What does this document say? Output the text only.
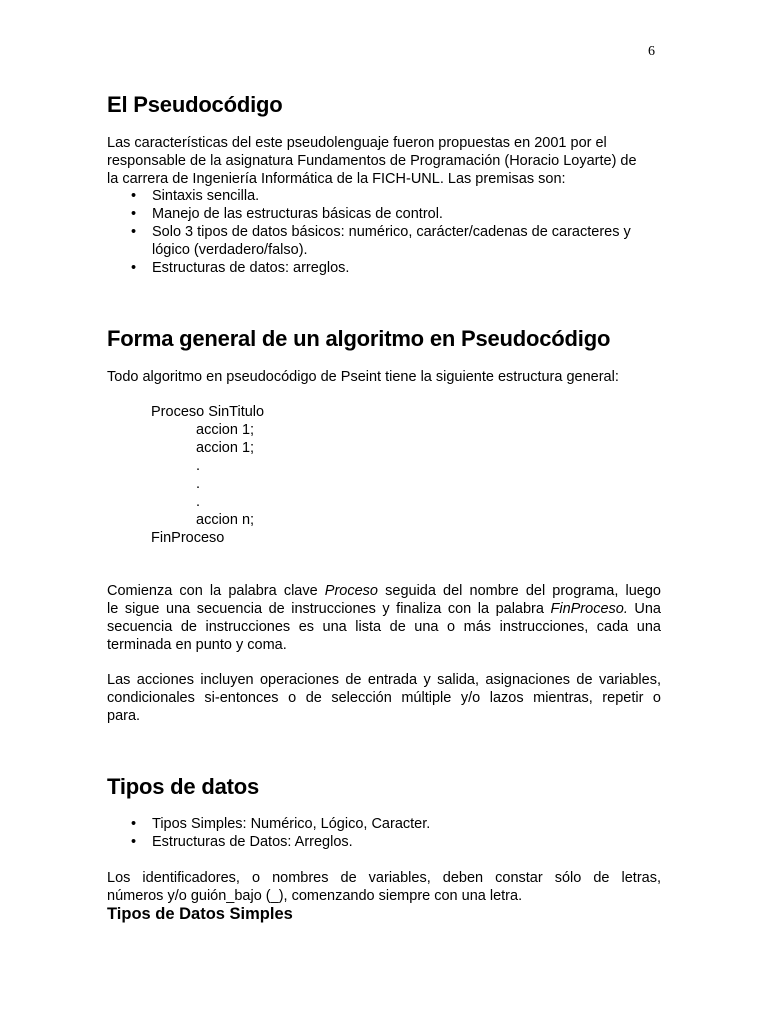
6
El Pseudocódigo
Las características del este pseudolenguaje fueron propuestas en 2001 por el
responsable de la asignatura Fundamentos de Programación (Horacio Loyarte) de
la carrera de Ingeniería Informática de la FICH-UNL. Las premisas son:
• Sintaxis sencilla.
• Manejo de las estructuras básicas de control.
• Solo 3 tipos de datos básicos: numérico, carácter/cadenas de caracteres y lógico (verdadero/falso).
• Estructuras de datos: arreglos.
Forma general de un algoritmo en Pseudocódigo

Todo algoritmo en pseudocódigo de Pseint tiene la siguiente estructura general:

Proceso SinTitulo
accion 1;
accion 1;
.
.
.
accion n;
FinProceso
Comienza con la palabra clave Proceso seguida del nombre del programa, luego
le sigue una secuencia de instrucciones y finaliza con la palabra FinProceso. Una
secuencia de instrucciones es una lista de una o más instrucciones, cada una
terminada en punto y coma.
Las acciones incluyen operaciones de entrada y salida, asignaciones de variables,
condicionales si-entonces o de selección múltiple y/o lazos mientras, repetir o
para.
Tipos de datos
• Tipos Simples: Numérico, Lógico, Caracter.
• Estructuras de Datos: Arreglos.
Los identificadores, o nombres de variables, deben constar sólo de letras,
números y/o guión_bajo (_), comenzando siempre con una letra.
Tipos de Datos Simples
